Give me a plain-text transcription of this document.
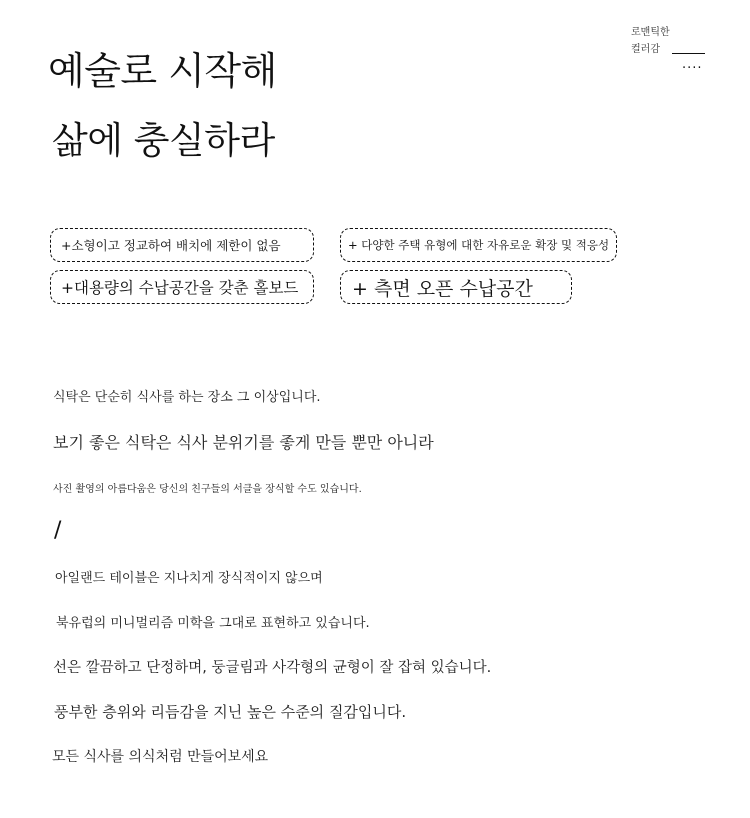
예술로 시작해
삶에 충실하라
로맨틱한
컬러감
....
+소형이고 정교하여 배치에 제한이 없음	+ 다양한 주택 유형에 대한 자유로운 확장 및 적응성
+대용량의 수납공간을 갖춘 홀보드	+ 측면 오픈 수납공간

식탁은 단순히 식사를 하는 장소 그 이상입니다.

보기 좋은 식탁은 식사 분위기를 좋게 만들 뿐만 아니라

사진 촬영의 아름다움은 당신의 친구들의 서클을 장식할 수도 있습니다.

/

아일랜드 테이블은 지나치게 장식적이지 않으며

북유럽의 미니멀리즘 미학을 그대로 표현하고 있습니다.

선은 깔끔하고 단정하며, 둥글림과 사각형의 균형이 잘 잡혀 있습니다.

풍부한 층위와 리듬감을 지닌 높은 수준의 질감입니다.

모든 식사를 의식처럼 만들어보세요
